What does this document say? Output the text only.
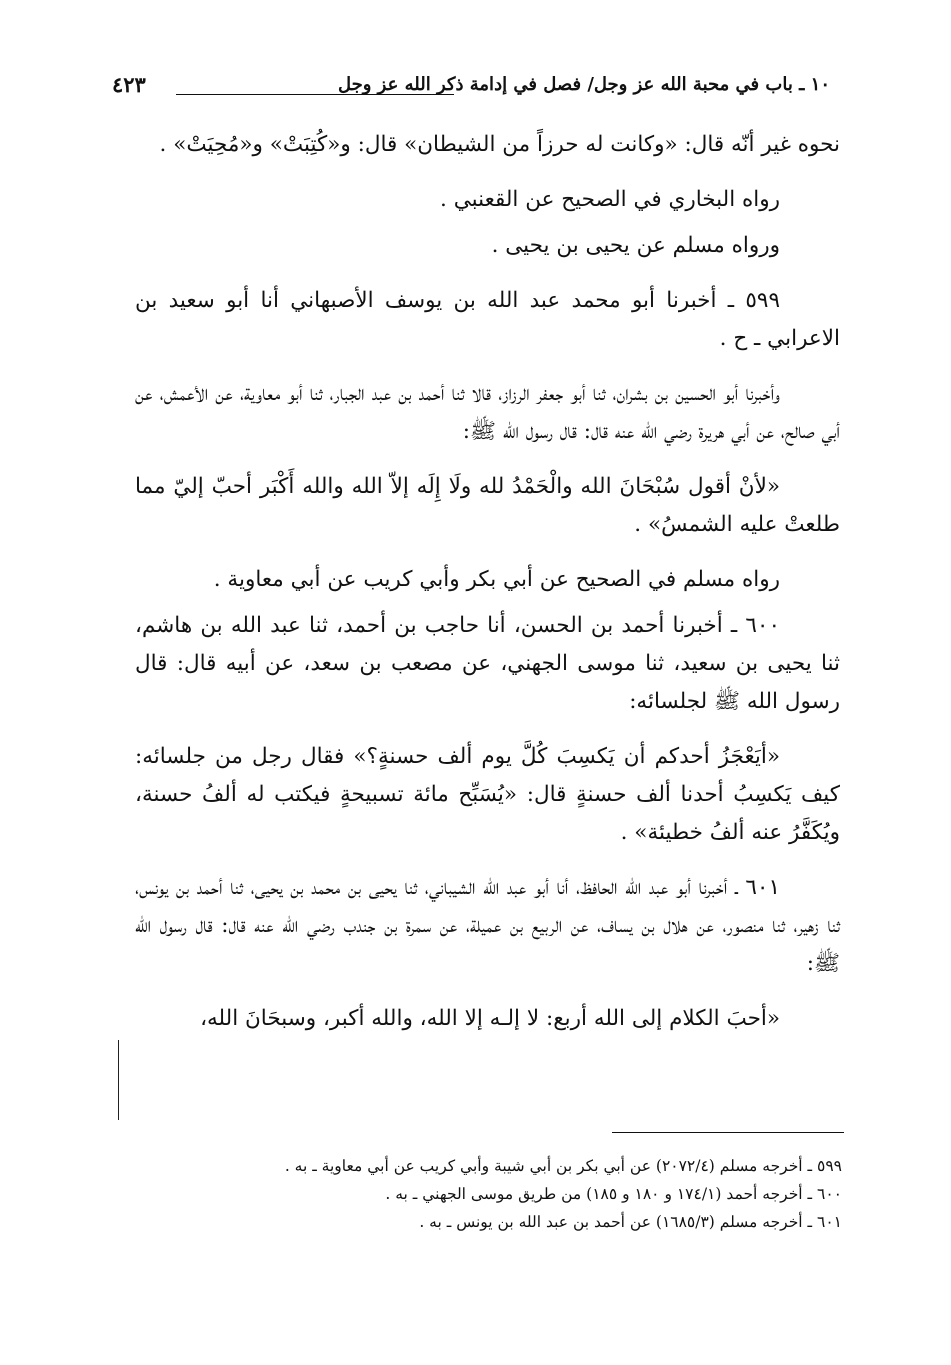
١٠ ـ باب في محبة الله عز وجل/ فصل في إدامة ذكر الله عز وجل
٤٢٣

نحوه غير أنّه قال: «وكانت له حرزاً من الشيطان» قال: و«كُتِبَتْ» و«مُحِيَتْ» .

رواه البخاري في الصحيح عن القعنبي .

ورواه مسلم عن يحيى بن يحيى .

٥٩٩ ـ أخبرنا أبو محمد عبد الله بن يوسف الأصبهاني أنا أبو سعيد بن الاعرابي ـ ح .

وأخبرنا أبو الحسين بن بشران، ثنا أبو جعفر الرزاز، قالا ثنا أحمد بن عبد الجبار، ثنا أبو معاوية، عن الأعمش، عن أبي صالح، عن أبي هريرة رضي الله عنه قال: قال رسول الله ﷺ:

«لأنْ أقول سُبْحَانَ الله والْحَمْدُ لله ولَا إِلَه إلاّ الله والله أَكْبَر أحبّ إليّ مما طلعتْ عليه الشمسُ» .

رواه مسلم في الصحيح عن أبي بكر وأبي كريب عن أبي معاوية .

٦٠٠ ـ أخبرنا أحمد بن الحسن، أنا حاجب بن أحمد، ثنا عبد الله بن هاشم، ثنا يحيى بن سعيد، ثنا موسى الجهني، عن مصعب بن سعد، عن أبيه قال: قال رسول الله ﷺ لجلسائه:

«أيَعْجَزُ أحدكم أن يَكسِبَ كُلَّ يوم ألف حسنةٍ؟» فقال رجل من جلسائه: كيف يَكسِبُ أحدنا ألف حسنةٍ قال: «يُسَبِّح مائة تسبيحةٍ فيكتب له ألفُ حسنة، ويُكَفَّرُ عنه ألفُ خطيئة» .

٦٠١ ـ أخبرنا أبو عبد الله الحافظ، أنا أبو عبد الله الشيباني، ثنا يحيى بن محمد بن يحيى، ثنا أحمد بن يونس، ثنا زهير، ثنا منصور، عن هلال بن يساف، عن الربيع بن عميلة، عن سمرة بن جندب رضي الله عنه قال: قال رسول الله ﷺ:

«أحبَ الكلام إلى الله أربع: لا إلـه إلا الله، والله أكبر، وسبحَانَ الله،

٥٩٩ ـ أخرجه مسلم (٢٠٧٢/٤) عن أبي بكر بن أبي شيبة وأبي كريب عن أبي معاوية ـ به .

٦٠٠ ـ أخرجه أحمد (١٧٤/١ و ١٨٠ و ١٨٥) من طريق موسى الجهني ـ به .

٦٠١ ـ أخرجه مسلم (١٦٨٥/٣) عن أحمد بن عبد الله بن يونس ـ به .
